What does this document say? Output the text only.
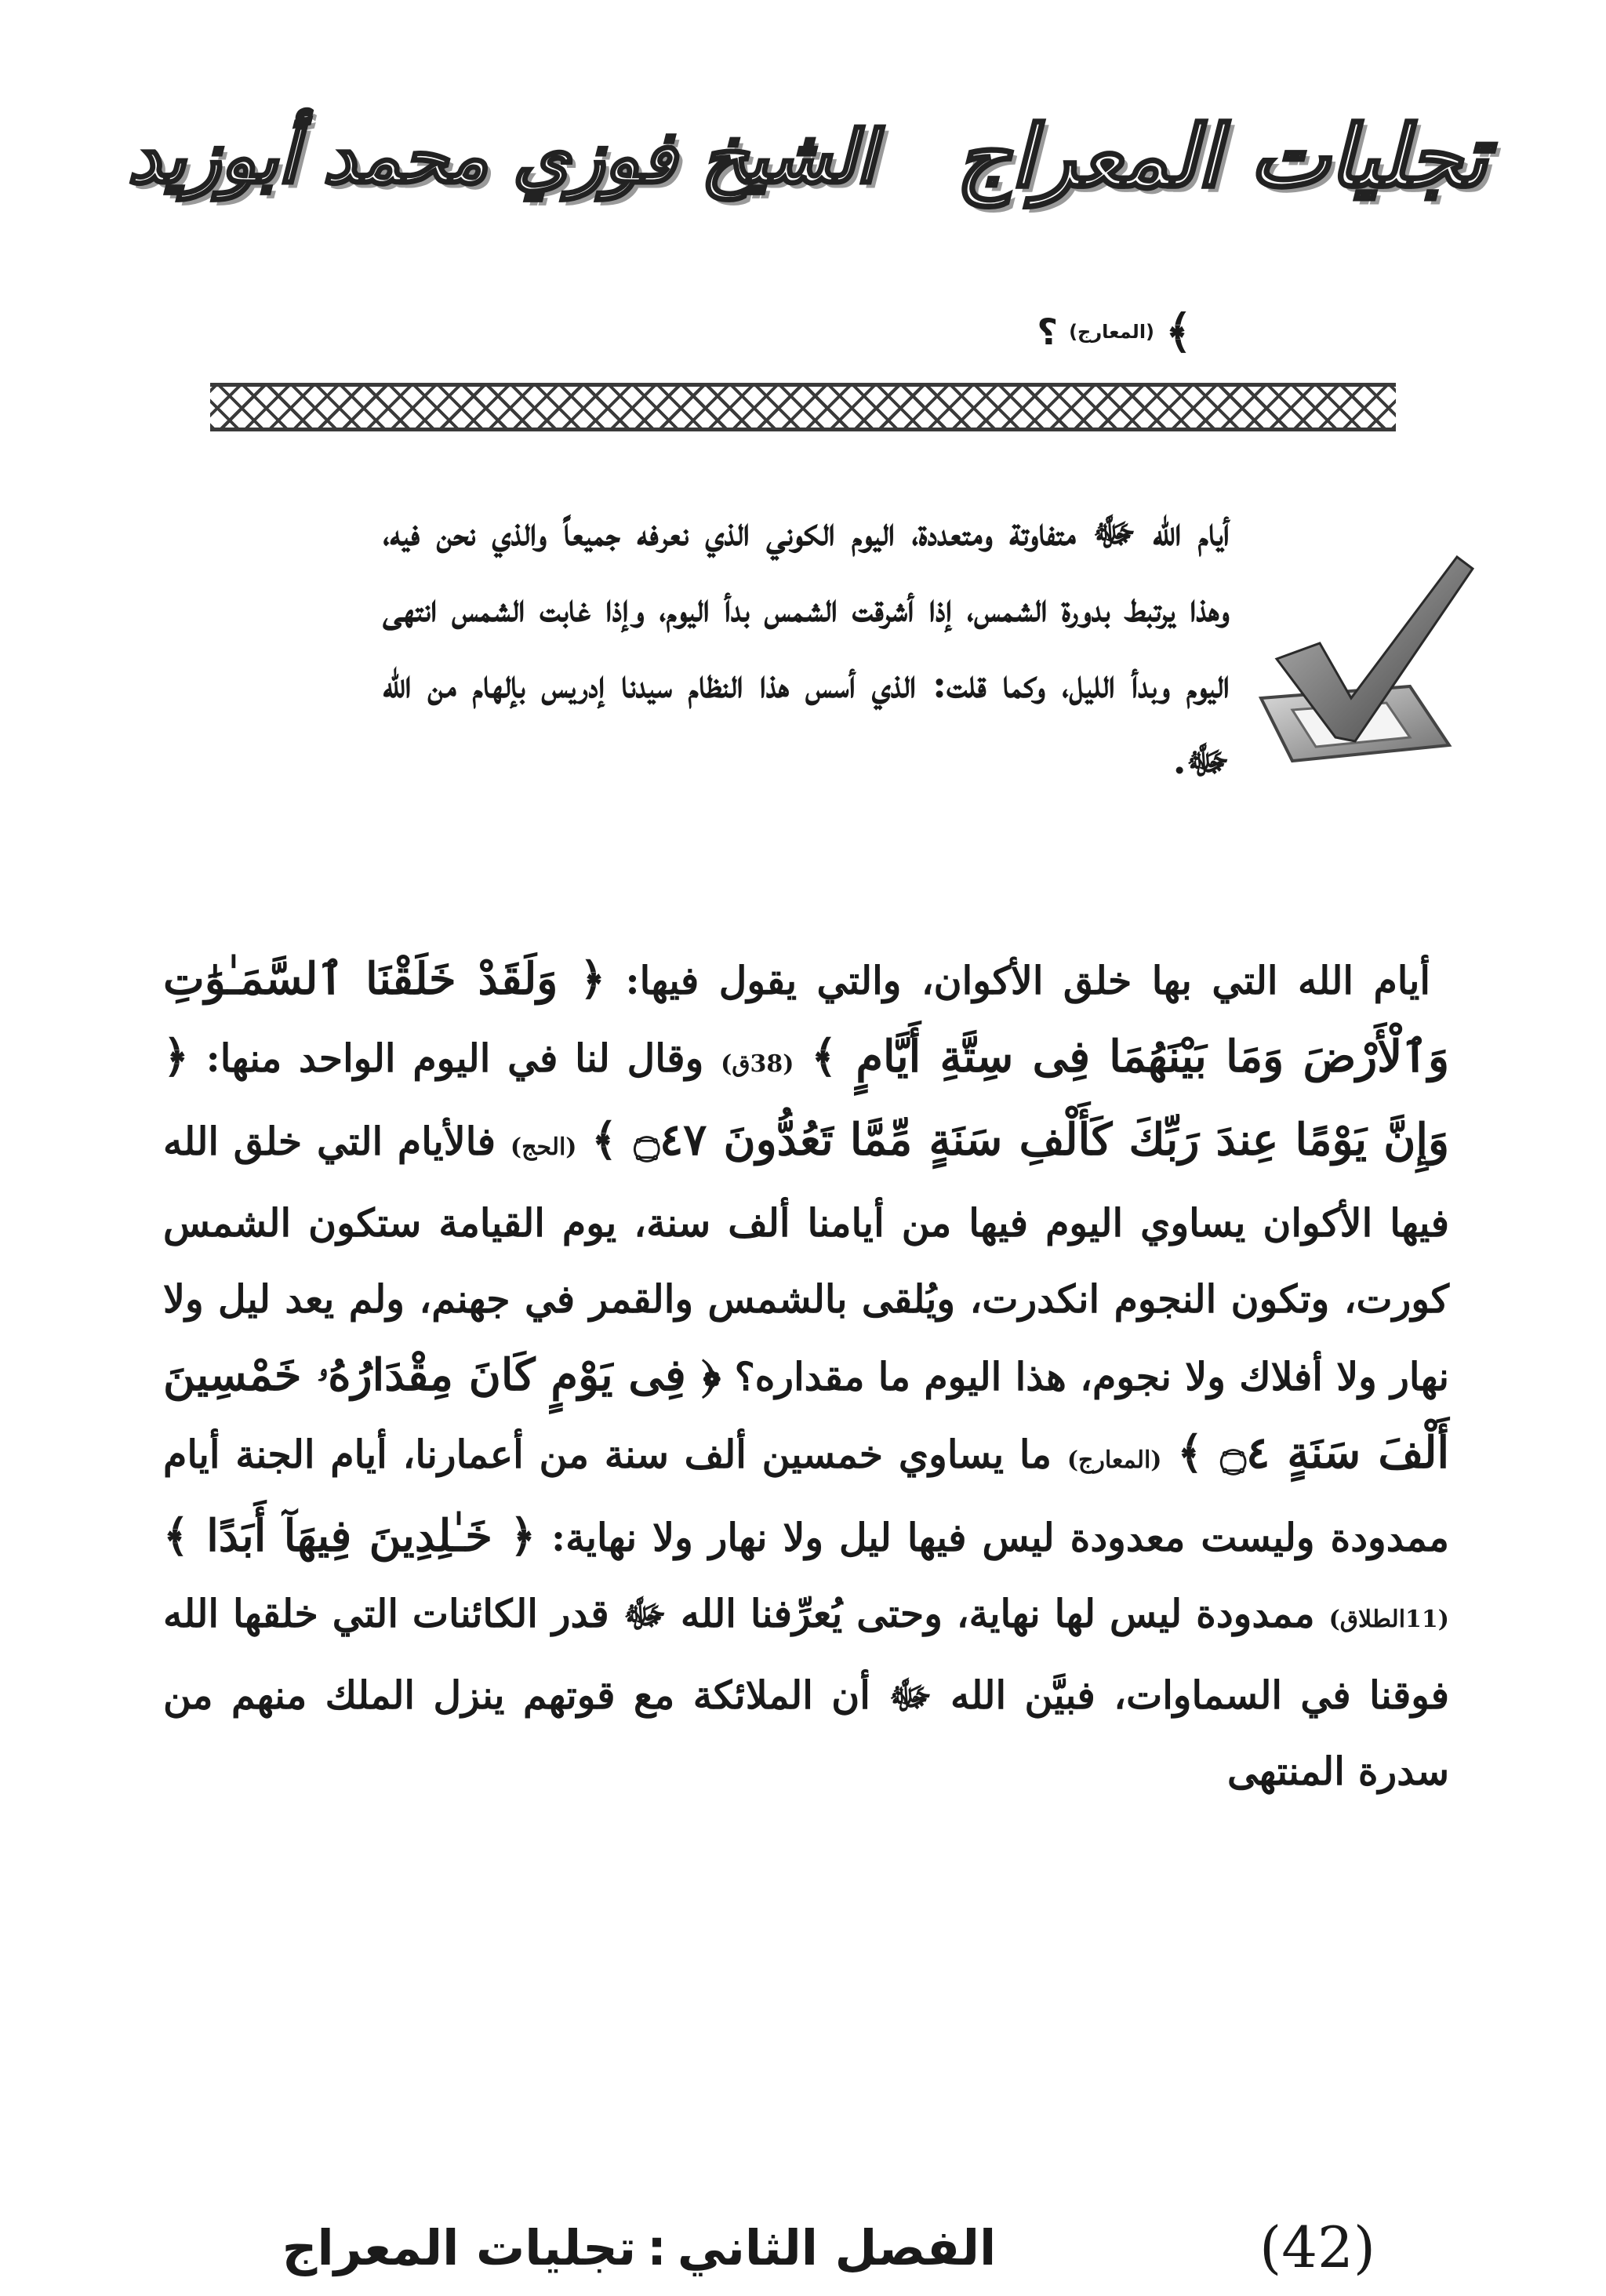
تجليات المعراج
الشيخ فوزي محمد أبوزيد
﴾
(المعارج)
؟
أيام الله ﷻ متفاوتة ومتعددة، اليوم الكوني الذي نعرفه جميعاً والذي نحن فيه، وهذا يرتبط بدورة الشمس، إذا أشرقت الشمس بدأ اليوم، وإذا غابت الشمس انتهى اليوم وبدأ الليل، وكما قلت: الذي أسس هذا النظام سيدنا إدريس بإلهام من الله ﷻ.
أيام الله التي بها خلق الأكوان، والتي يقول فيها: ﴿ وَلَقَدْ خَلَقْنَا ٱلسَّمَـٰوَٰتِ وَٱلْأَرْضَ وَمَا بَيْنَهُمَا فِى سِتَّةِ أَيَّامٍ ﴾ (38ق) وقال لنا في اليوم الواحد منها: ﴿ وَإِنَّ يَوْمًا عِندَ رَبِّكَ كَأَلْفِ سَنَةٍ مِّمَّا تَعُدُّونَ ۝٤٧ ﴾ (الحج) فالأيام التي خلق الله فيها الأكوان يساوي اليوم فيها من أيامنا ألف سنة، يوم القيامة ستكون الشمس كورت، وتكون النجوم انكدرت، ويُلقى بالشمس والقمر في جهنم، ولم يعد ليل ولا نهار ولا أفلاك ولا نجوم، هذا اليوم ما مقداره؟ ﴿ فِى يَوْمٍ كَانَ مِقْدَارُهُۥ خَمْسِينَ أَلْفَ سَنَةٍ ۝٤ ﴾ (المعارج) ما يساوي خمسين ألف سنة من أعمارنا، أيام الجنة أيام ممدودة وليست معدودة ليس فيها ليل ولا نهار ولا نهاية: ﴿ خَـٰلِدِينَ فِيهَآ أَبَدًا ﴾ (11الطلاق) ممدودة ليس لها نهاية، وحتى يُعرِّفنا الله ﷻ قدر الكائنات التي خلقها الله فوقنا في السماوات، فبيَّن الله ﷻ أن الملائكة مع قوتهم ينزل الملك منهم من سدرة المنتهى
الفصل الثاني
:
تجليات المعراج	(42)
